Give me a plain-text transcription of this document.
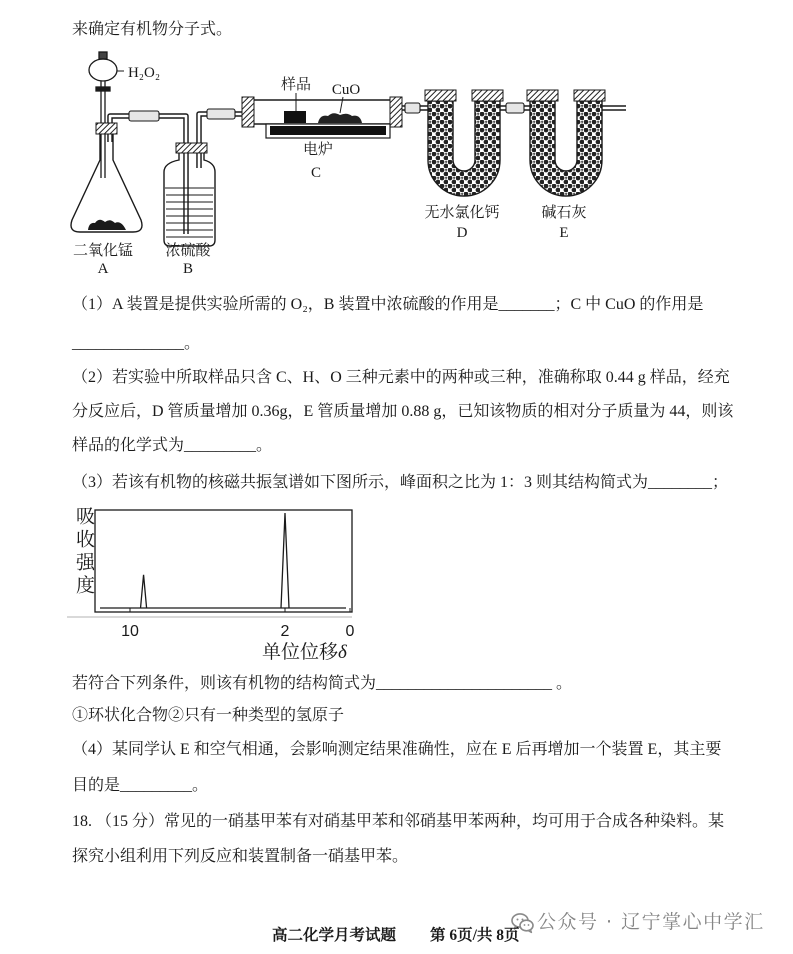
来确定有机物分子式。
H₂O₂
样品 CuO
电炉
C
二氧化锰
A
浓硫酸
B
无水氯化钙
D
碱石灰
E
（1）A 装置是提供实验所需的 O₂，B 装置中浓硫酸的作用是_______；C 中 CuO 的作用是
______________。
（2）若实验中所取样品只含 C、H、O 三种元素中的两种或三种，准确称取 0.44 g 样品，经充
分反应后，D 管质量增加 0.36g，E 管质量增加 0.88 g，已知该物质的相对分子质量为 44，则该
样品的化学式为_________。
（3）若该有机物的核磁共振氢谱如下图所示，峰面积之比为 1：3 则其结构简式为________；
吸收强度
10	2	0
单位位移δ
若符合下列条件，则该有机物的结构简式为______________________ 。
①环状化合物②只有一种类型的氢原子
（4）某同学认 E 和空气相通，会影响测定结果准确性，应在 E 后再增加一个装置 E，其主要
目的是_________。
18. （15 分）常见的一硝基甲苯有对硝基甲苯和邻硝基甲苯两种，均可用于合成各种染料。某
探究小组利用下列反应和装置制备一硝基甲苯。
公众号 · 辽宁掌心中学汇
高二化学月考试题 第 6页/共 8页
